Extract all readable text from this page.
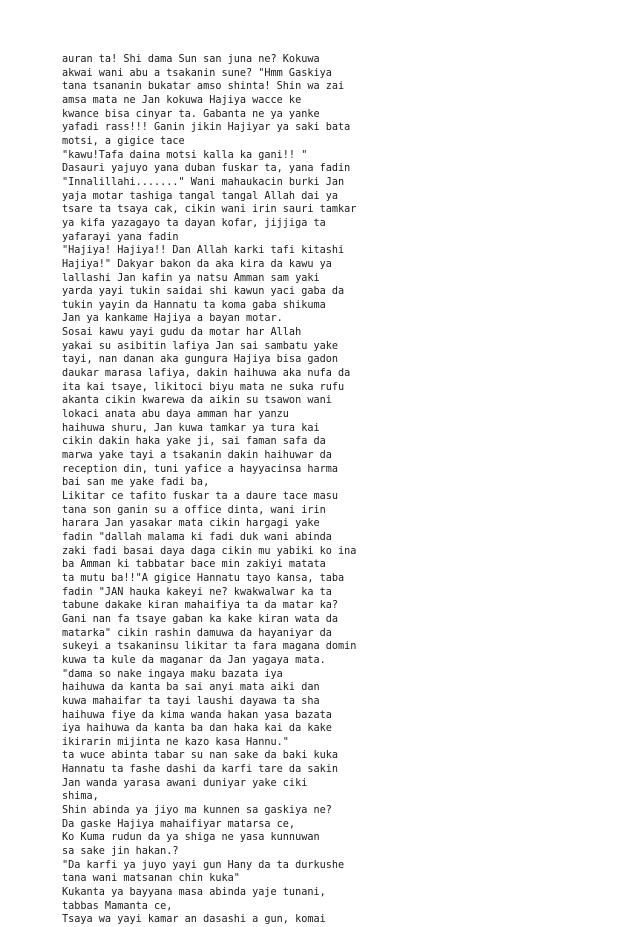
auran ta! Shi dama Sun san juna ne? Kokuwa
akwai wani abu a tsakanin sune? "Hmm Gaskiya
tana tsananin bukatar amso shinta! Shin wa zai
amsa mata ne Jan kokuwa Hajiya wacce ke
kwance bisa cinyar ta. Gabanta ne ya yanke
yafadi rass!!! Ganin jikin Hajiyar ya saki bata
motsi, a gigice tace
"kawu!Tafa daina motsi kalla ka gani!! "
Dasauri yajuyo yana duban fuskar ta, yana fadin
"Innalillahi......." Wani mahaukacin burki Jan
yaja motar tashiga tangal tangal Allah dai ya
tsare ta tsaya cak, cikin wani irin sauri tamkar
ya kifa yazagayo ta dayan kofar, jijjiga ta
yafarayi yana fadin
"Hajiya! Hajiya!! Dan Allah karki tafi kitashi
Hajiya!" Dakyar bakon da aka kira da kawu ya
lallashi Jan kafin ya natsu Amman sam yaki
yarda yayi tukin saidai shi kawun yaci gaba da
tukin yayin da Hannatu ta koma gaba shikuma
Jan ya kankame Hajiya a bayan motar.
Sosai kawu yayi gudu da motar har Allah
yakai su asibitin lafiya Jan sai sambatu yake
tayi, nan danan aka gungura Hajiya bisa gadon
daukar marasa lafiya, dakin haihuwa aka nufa da
ita kai tsaye, likitoci biyu mata ne suka rufu
akanta cikin kwarewa da aikin su tsawon wani
lokaci anata abu daya amman har yanzu
haihuwa shuru, Jan kuwa tamkar ya tura kai
cikin dakin haka yake ji, sai faman safa da
marwa yake tayi a tsakanin dakin haihuwar da
reception din, tuni yafice a hayyacinsa harma
bai san me yake fadi ba,
Likitar ce tafito fuskar ta a daure tace masu
tana son ganin su a office dinta, wani irin
harara Jan yasakar mata cikin hargagi yake
fadin "dallah malama ki fadi duk wani abinda
zaki fadi basai daya daga cikin mu yabiki ko ina
ba Amman ki tabbatar bace min zakiyi matata
ta mutu ba!!"A gigice Hannatu tayo kansa, taba
fadin "JAN hauka kakeyi ne? kwakwalwar ka ta
tabune dakake kiran mahaifiya ta da matar ka?
Gani nan fa tsaye gaban ka kake kiran wata da
matarka" cikin rashin damuwa da hayaniyar da
sukeyi a tsakaninsu likitar ta fara magana domin
kuwa ta kule da maganar da Jan yagaya mata.
"dama so nake ingaya maku bazata iya
haihuwa da kanta ba sai anyi mata aiki dan
kuwa mahaifar ta tayi laushi dayawa ta sha
haihuwa fiye da kima wanda hakan yasa bazata
iya haihuwa da kanta ba dan haka kai da kake
ikirarin mijinta ne kazo kasa Hannu."
ta wuce abinta tabar su nan sake da baki kuka
Hannatu ta fashe dashi da karfi tare da sakin
Jan wanda yarasa awani duniyar yake ciki
shima,
Shin abinda ya jiyo ma kunnen sa gaskiya ne?
Da gaske Hajiya mahaifiyar matarsa ce,
Ko Kuma rudun da ya shiga ne yasa kunnuwan
sa sake jin hakan.?
"Da karfi ya juyo yayi gun Hany da ta durkushe
tana wani matsanan chin kuka"
Kukanta ya bayyana masa abinda yaje tunani,
tabbas Mamanta ce,
Tsaya wa yayi kamar an dasashi a gun, komai
